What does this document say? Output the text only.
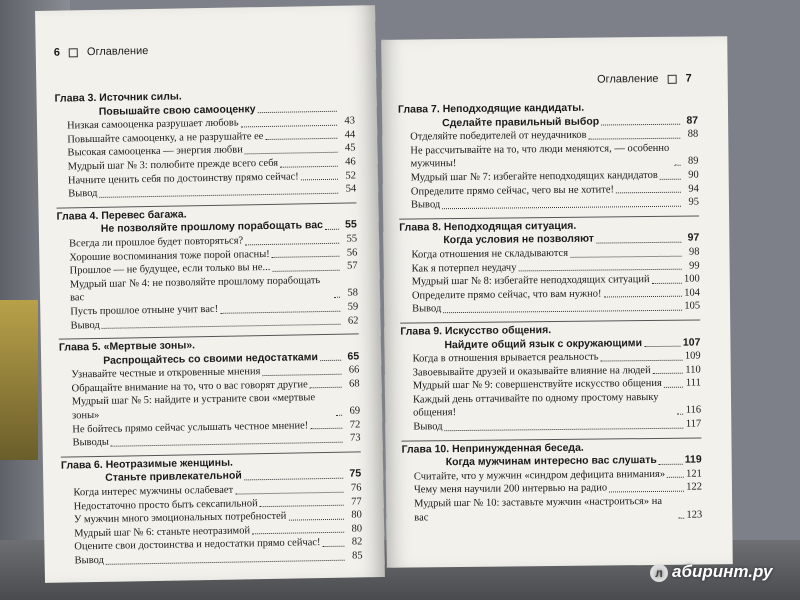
6 Оглавление
Глава 3. Источник силы.
Повышайте свою самооценку
Низкая самооценка разрушает любовь	43
Повышайте самооценку, а не разрушайте ее	44
Высокая самооценка — энергия любви	45
Мудрый шаг № 3: полюбите прежде всего себя	46
Начните ценить себя по достоинству прямо сейчас!	52
Вывод	54
Глава 4. Перевес багажа.
Не позволяйте прошлому порабощать вас	55
Всегда ли прошлое будет повторяться?	55
Хорошие воспоминания тоже порой опасны!	56
Прошлое — не будущее, если только вы не...	57
Мудрый шаг № 4: не позволяйте прошлому порабощать вас	58
Пусть прошлое отныне учит вас!	59
Вывод	62
Глава 5. «Мертвые зоны».
Распрощайтесь со своими недостатками	65
Узнавайте честные и откровенные мнения	66
Обращайте внимание на то, что о вас говорят другие	68
Мудрый шаг № 5: найдите и устраните свои «мертвые зоны»	69
Не бойтесь прямо сейчас услышать честное мнение!	72
Выводы	73
Глава 6. Неотразимые женщины.
Станьте привлекательной	75
Когда интерес мужчины ослабевает	76
Недостаточно просто быть сексапильной	77
У мужчин много эмоциональных потребностей	80
Мудрый шаг № 6: станьте неотразимой	80
Оцените свои достоинства и недостатки прямо сейчас!	82
Вывод	85
Оглавление 7
Глава 7. Неподходящие кандидаты.
Сделайте правильный выбор	87
Отделяйте победителей от неудачников	88
Не рассчитывайте на то, что люди меняются, — особенно мужчины!	89
Мудрый шаг № 7: избегайте неподходящих кандидатов	90
Определите прямо сейчас, чего вы не хотите!	94
Вывод	95
Глава 8. Неподходящая ситуация.
Когда условия не позволяют	97
Когда отношения не складываются	98
Как я потерпел неудачу	99
Мудрый шаг № 8: избегайте неподходящих ситуаций	100
Определите прямо сейчас, что вам нужно!	104
Вывод	105
Глава 9. Искусство общения.
Найдите общий язык с окружающими	107
Когда в отношения врывается реальность	109
Завоевывайте друзей и оказывайте влияние на людей	110
Мудрый шаг № 9: совершенствуйте искусство общения 111
Каждый день оттачивайте по одному простому навыку общения!	116
Вывод	117
Глава 10. Непринужденная беседа.
Когда мужчинам интересно вас слушать	119
Считайте, что у мужчин «синдром дефицита внимания» 121
Чему меня научили 200 интервью на радио	122
Мудрый шаг № 10: заставьте мужчин «настроиться» на вас	123
л абиринт.ру
